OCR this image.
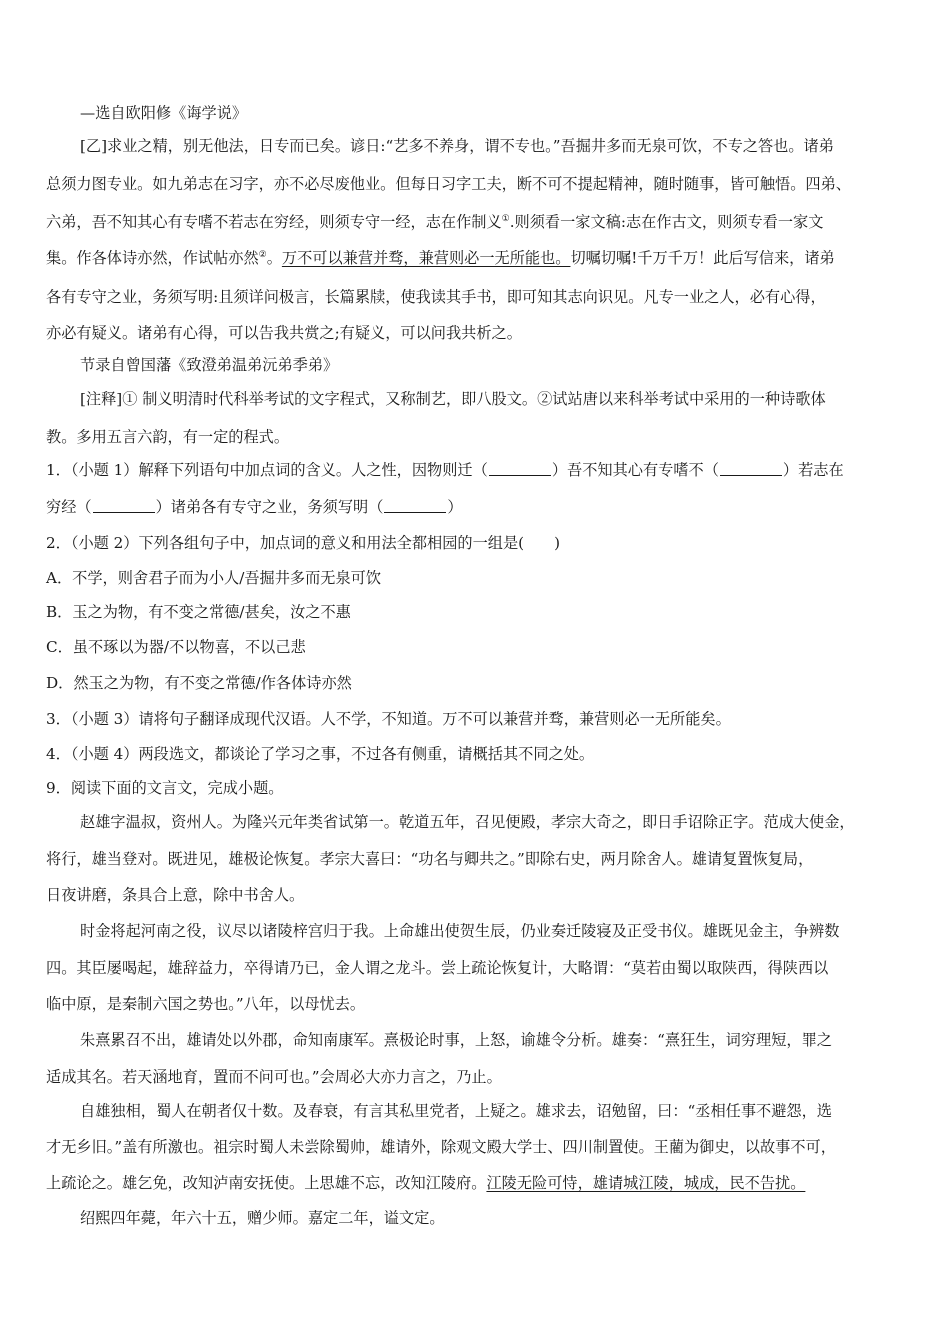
—选自欧阳修《诲学说》
[乙]求业之精，别无他法，日专而已矣。谚日:“艺多不养身，谓不专也。”吾掘井多而无泉可饮，不专之答也。诸弟
总须力图专业。如九弟志在习字，亦不必尽废他业。但每日习字工夫，断不可不提起精神，随时随事，皆可触悟。四弟、
六弟，吾不知其心有专嗜不若志在穷经，则须专守一经，志在作制义①.则须看一家文稿:志在作古文，则须专看一家文
集。作各体诗亦然，作试帖亦然②。万不可以兼营并骛，兼营则必一无所能也。切嘱切嘱!千万千万！此后写信来，诸弟
各有专守之业，务须写明:且须详问极言，长篇累牍，使我读其手书，即可知其志向识见。凡专一业之人，必有心得，
亦必有疑义。诸弟有心得，可以告我共赏之;有疑义，可以问我共析之。
节录自曾国藩《致澄弟温弟沅弟季弟》
[注释]① 制义明清时代科举考试的文字程式，又称制艺，即八股文。②试站唐以来科举考试中采用的一种诗歌体
教。多用五言六韵，有一定的程式。
1．（小题 1）解释下列语句中加点词的含义。人之性，因物则迁（	）吾不知其心有专嗜不（	）若志在
穷经（	）诸弟各有专守之业，务须写明（	）
2．（小题 2）下列各组句子中，加点词的意义和用法全都相园的一组是( )
A．不学，则舍君子而为小人/吾掘井多而无泉可饮
B．玉之为物，有不变之常德/甚矣，汝之不惠
C．虽不琢以为器/不以物喜，不以己悲
D．然玉之为物，有不变之常德/作各体诗亦然
3．（小题 3）请将句子翻译成现代汉语。人不学，不知道。万不可以兼营并骛，兼营则必一无所能矣。
4．（小题 4）两段选文，都谈论了学习之事，不过各有侧重，请概括其不同之处。
9．阅读下面的文言文，完成小题。
赵雄字温叔，资州人。为隆兴元年类省试第一。乾道五年，召见便殿，孝宗大奇之，即日手诏除正字。范成大使金，
将行，雄当登对。既进见，雄极论恢复。孝宗大喜曰：“功名与卿共之。”即除右史，两月除舍人。雄请复置恢复局，
日夜讲磨，条具合上意，除中书舍人。
时金将起河南之役，议尽以诸陵梓宫归于我。上命雄出使贺生辰，仍业奏迁陵寝及正受书仪。雄既见金主，争辨数
四。其臣屡喝起，雄辞益力，卒得请乃已，金人谓之龙斗。尝上疏论恢复计，大略谓：“莫若由蜀以取陕西，得陕西以
临中原，是秦制六国之势也。”八年，以母忧去。
朱熹累召不出，雄请处以外郡，命知南康军。熹极论时事，上怒，谕雄令分析。雄奏：“熹狂生，词穷理短，罪之
适成其名。若天涵地育，置而不问可也。”会周必大亦力言之，乃止。
自雄独相，蜀人在朝者仅十数。及春衰，有言其私里党者，上疑之。雄求去，诏勉留，曰：“丞相任事不避怨，选
才无乡旧。”盖有所激也。祖宗时蜀人未尝除蜀帅，雄请外，除观文殿大学士、四川制置使。王藺为御史，以故事不可，
上疏论之。雄乞免，改知泸南安抚使。上思雄不忘，改知江陵府。江陵无险可恃，雄请城江陵，城成，民不告扰。
绍熙四年薨，年六十五，赠少师。嘉定二年，谥文定。
